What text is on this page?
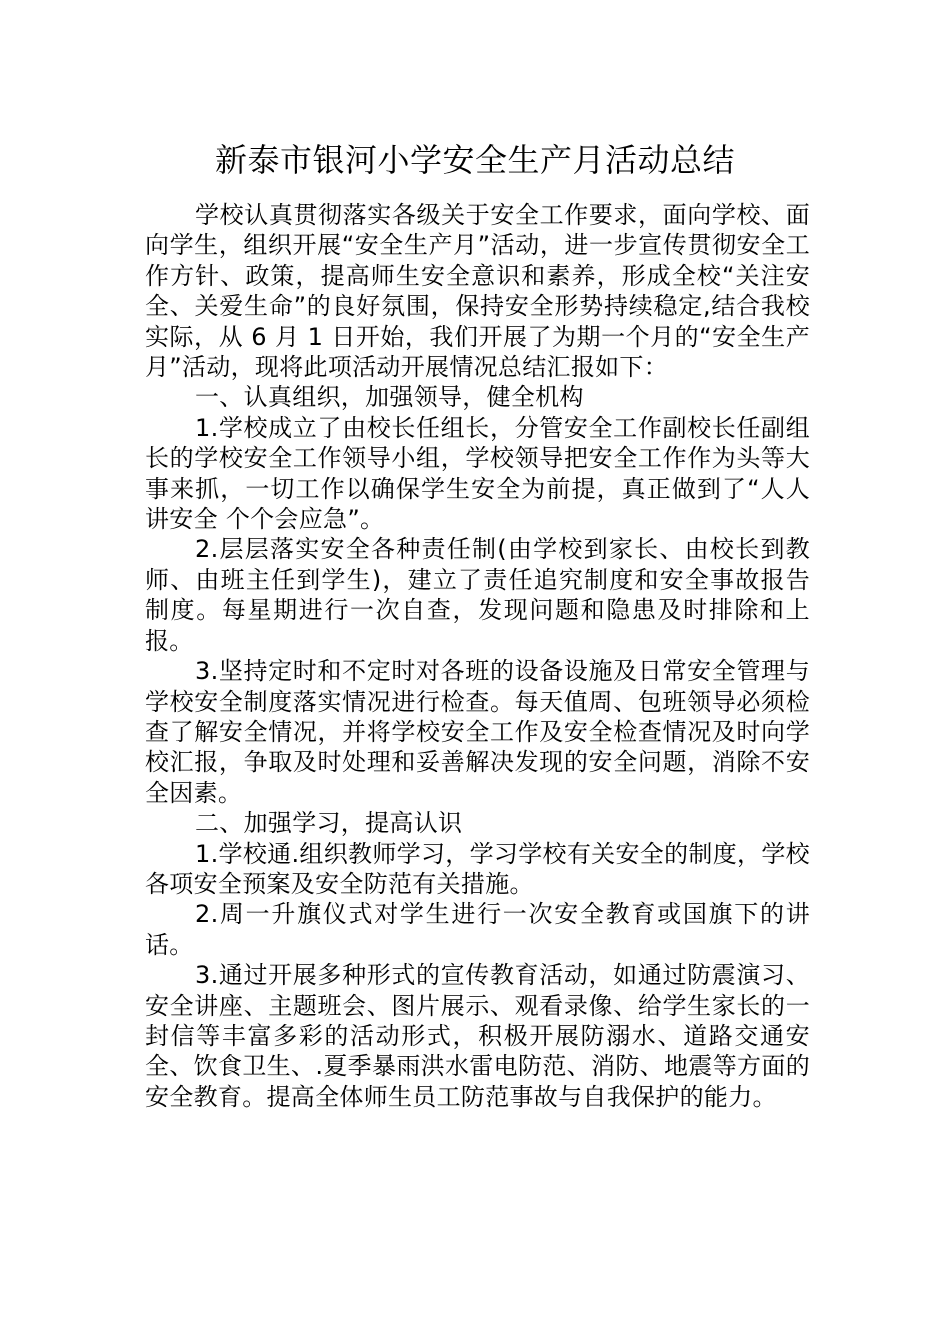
新泰市银河小学安全生产月活动总结

学校认真贯彻落实各级关于安全工作要求，面向学校、面向学生，组织开展“安全生产月”活动，进一步宣传贯彻安全工作方针、政策，提高师生安全意识和素养，形成全校“关注安全、关爱生命”的良好氛围，保持安全形势持续稳定,结合我校实际，从 6 月 1 日开始，我们开展了为期一个月的“安全生产月”活动，现将此项活动开展情况总结汇报如下：

一、认真组织，加强领导，健全机构

1.学校成立了由校长任组长，分管安全工作副校长任副组长的学校安全工作领导小组，学校领导把安全工作作为头等大事来抓，一切工作以确保学生安全为前提，真正做到了“人人讲安全 个个会应急”。

2.层层落实安全各种责任制(由学校到家长、由校长到教师、由班主任到学生)，建立了责任追究制度和安全事故报告制度。每星期进行一次自查，发现问题和隐患及时排除和上报。

3.坚持定时和不定时对各班的设备设施及日常安全管理与学校安全制度落实情况进行检查。每天值周、包班领导必须检查了解安全情况，并将学校安全工作及安全检查情况及时向学校汇报，争取及时处理和妥善解决发现的安全问题，消除不安全因素。

二、加强学习，提高认识

1.学校通.组织教师学习，学习学校有关安全的制度，学校各项安全预案及安全防范有关措施。

2.周一升旗仪式对学生进行一次安全教育或国旗下的讲话。

3.通过开展多种形式的宣传教育活动，如通过防震演习、安全讲座、主题班会、图片展示、观看录像、给学生家长的一封信等丰富多彩的活动形式，积极开展防溺水、道路交通安全、饮食卫生、.夏季暴雨洪水雷电防范、消防、地震等方面的安全教育。提高全体师生员工防范事故与自我保护的能力。
